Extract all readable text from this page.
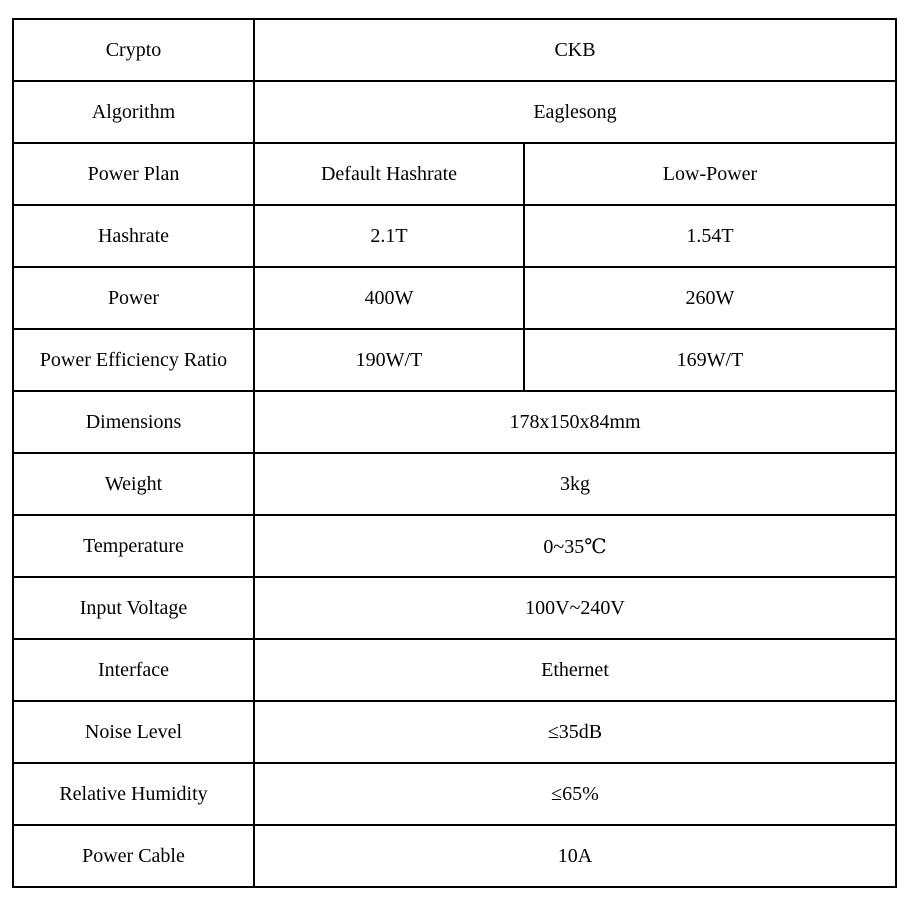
Crypto	CKB	
Algorithm	Eaglesong	
Power Plan	Default Hashrate	Low-Power
Hashrate	2.1T	1.54T
Power	400W	260W
Power Efficiency Ratio	190W/T	169W/T
Dimensions	178x150x84mm	
Weight	3kg	
Temperature	0~35℃	
Input Voltage	100V~240V	
Interface	Ethernet	
Noise Level	≤35dB	
Relative Humidity	≤65%	
Power Cable	10A	
